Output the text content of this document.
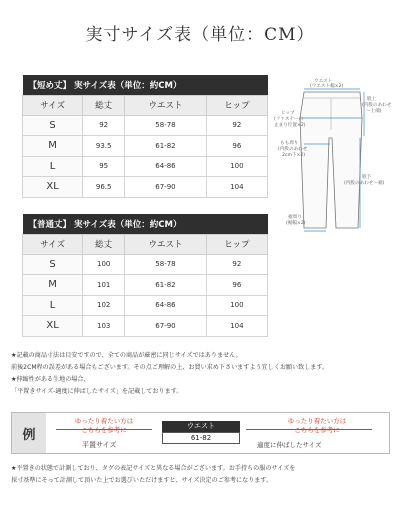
実寸サイズ表（単位：CM）
【短め丈】 実サイズ表（単位：約CM）			
サイズ	総丈	ウエスト	ヒップ
S	92	58-78	92
M	93.5	61-82	96
L	95	64-86	100
XL	96.5	67-90	104
【普通丈】 実サイズ表（単位：約CM）			
サイズ	総丈	ウエスト	ヒップ
S	100	58-78	92
M	101	61-82	96
L	102	64-86	100
XL	103	67-90	104
ウエスト
(ウエスト幅×2)
股上
(内股のあわせ
〜上端)
ヒップ
(ファスナーの
止まり位置×2)
もも周り
(内股のあわせ
2cm下×2)
股下
(内股のあわせ〜裾)
裾周り
(裾幅×2)
★記載の商品寸法は目安ですので、全ての商品が厳密に同じサイズではありません。
前後2CM程の誤差がある場合もございます。その点ご理解の上、お買い求め下さいますよう宜しくお願い致します。
★伸縮性がある生地の場合、
「平置きサイズ-適度に伸ばしたサイズ」を記載しております。
例
ゆったり着たい方は
こちらを参考に
平置サイズ
ウエスト
61-82
ゆったり着たい方は
こちらを参考に
適度に伸ばしたサイズ
★平置きの状態で計測しており、タグの表記サイズと異なる場合がございます。お手持ちの服のサイズを
採寸基準にそって計測して頂いた上でお選びいただけますと、サイズ決定のご参考になります。
